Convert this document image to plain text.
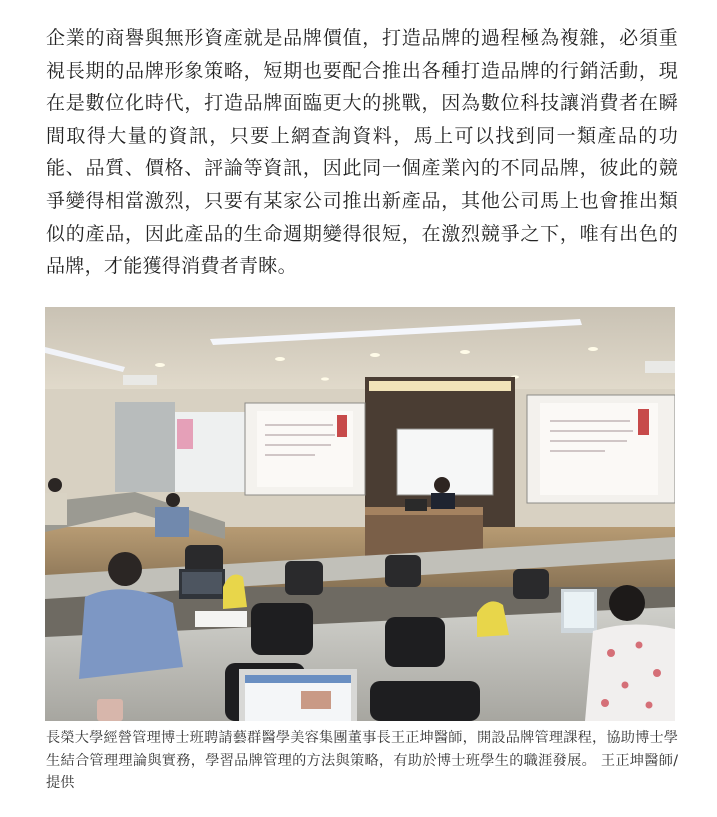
企業的商譽與無形資產就是品牌價值，打造品牌的過程極為複雜，必須重視長期的品牌形象策略，短期也要配合推出各種打造品牌的行銷活動，現在是數位化時代，打造品牌面臨更大的挑戰，因為數位科技讓消費者在瞬間取得大量的資訊，只要上網查詢資料，馬上可以找到同一類產品的功能、品質、價格、評論等資訊，因此同一個產業內的不同品牌，彼此的競爭變得相當激烈，只要有某家公司推出新產品，其他公司馬上也會推出類似的產品，因此產品的生命週期變得很短，在激烈競爭之下，唯有出色的品牌，才能獲得消費者青睞。

長榮大學經營管理博士班聘請藝群醫學美容集團董事長王正坤醫師，開設品牌管理課程，協助博士學生結合管理理論與實務，學習品牌管理的方法與策略，有助於博士班學生的職涯發展。 王正坤醫師/提供
